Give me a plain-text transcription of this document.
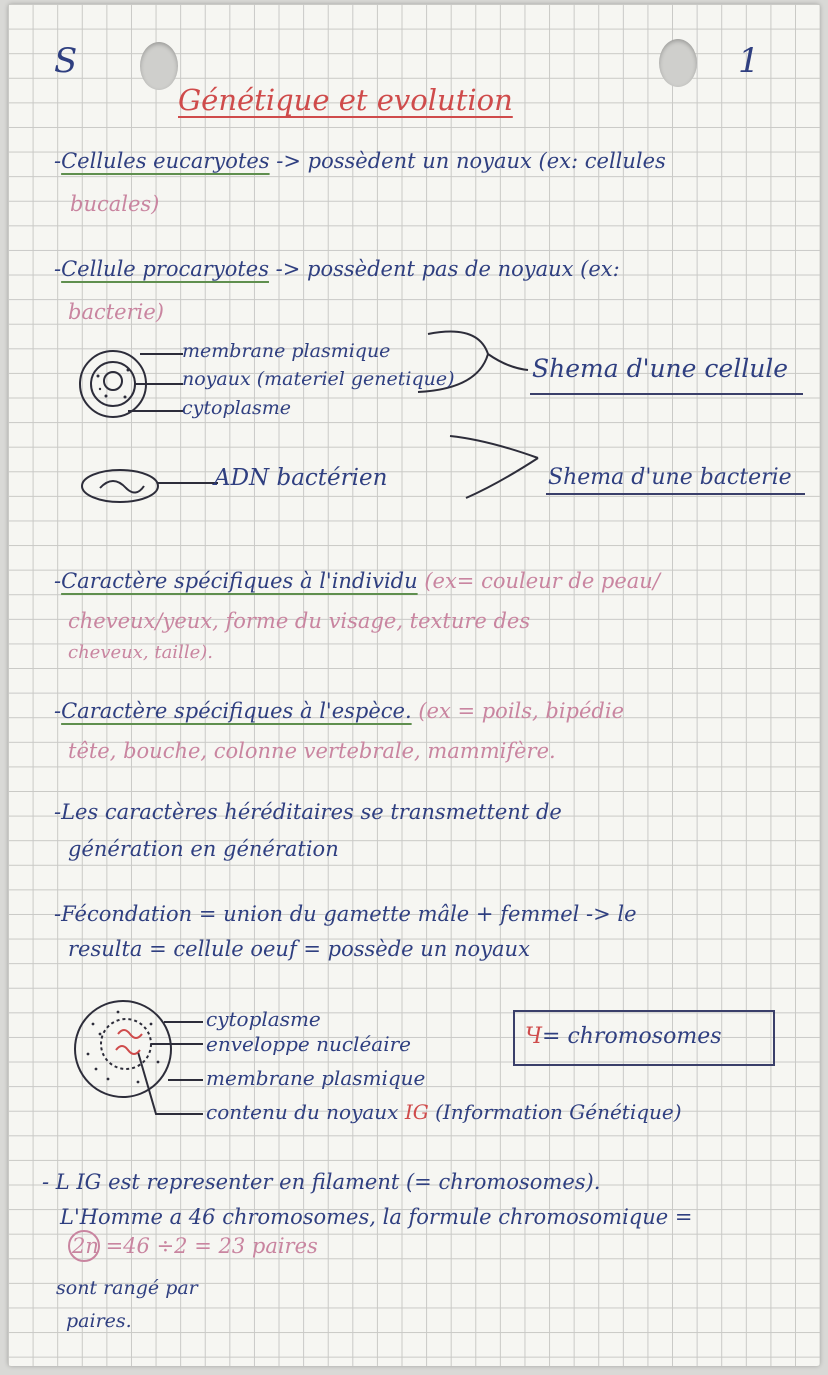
S	1
Génétique et evolution
-Cellules eucaryotes -> possèdent un noyaux (ex: cellules
bucales)
-Cellule procaryotes -> possèdent pas de noyaux (ex:
bacterie)
membrane plasmique
noyaux (materiel genetique)
cytoplasme
Shema d'une cellule
ADN bactérien	Shema d'une bacterie
-Caractère spécifiques à l'individu (ex= couleur de peau/
cheveux/yeux, forme du visage, texture des
cheveux, taille).
-Caractère spécifiques à l'espèce. (ex = poils, bipédie
tête, bouche, colonne vertebrale, mammifère.
-Les caractères héréditaires se transmettent de
génération en génération
-Fécondation = union du gamette mâle + femmel -> le
resulta = cellule oeuf = possède un noyaux
cytoplasme
enveloppe nucléaire
membrane plasmique
contenu du noyaux IG (Information Génétique)
Ч= chromosomes
- L IG est representer en filament (= chromosomes).
L'Homme a 46 chromosomes, la formule chromosomique =
2n =46 ÷2 = 23 paires
sont rangé par
paires.
